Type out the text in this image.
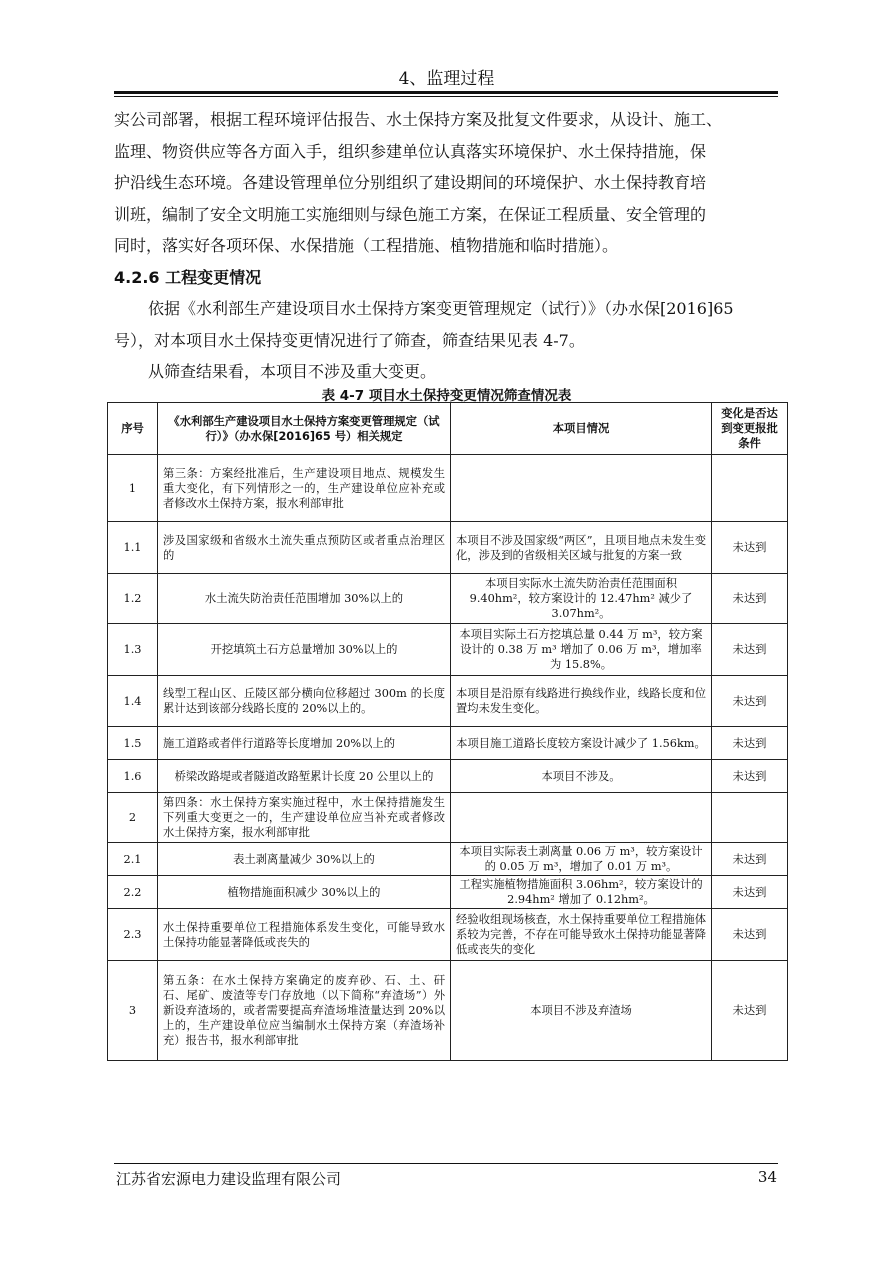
4、监理过程

实公司部署，根据工程环境评估报告、水土保持方案及批复文件要求，从设计、施工、

监理、物资供应等各方面入手，组织参建单位认真落实环境保护、水土保持措施，保

护沿线生态环境。各建设管理单位分别组织了建设期间的环境保护、水土保持教育培

训班，编制了安全文明施工实施细则与绿色施工方案，在保证工程质量、安全管理的

同时，落实好各项环保、水保措施（工程措施、植物措施和临时措施）。

4.2.6 工程变更情况

依据《水利部生产建设项目水土保持方案变更管理规定（试行）》（办水保[2016]65

号），对本项目水土保持变更情况进行了筛查，筛查结果见表 4-7。

从筛查结果看，本项目不涉及重大变更。

表 4-7 项目水土保持变更情况筛查情况表
序号	《水利部生产建设项目水土保持方案变更管理规定（试行）》（办水保[2016]65 号）相关规定	本项目情况	变化是否达到变更报批条件
1	第三条：方案经批准后，生产建设项目地点、规模发生重大变化，有下列情形之一的，生产建设单位应补充或者修改水土保持方案，报水利部审批		
1.1	涉及国家级和省级水土流失重点预防区或者重点治理区的	本项目不涉及国家级“两区”，且项目地点未发生变化，涉及到的省级相关区域与批复的方案一致	未达到
1.2	水土流失防治责任范围增加 30%以上的	本项目实际水土流失防治责任范围面积 9.40hm²，较方案设计的 12.47hm² 减少了 3.07hm²。	未达到
1.3	开挖填筑土石方总量增加 30%以上的	本项目实际土石方挖填总量 0.44 万 m³，较方案设计的 0.38 万 m³ 增加了 0.06 万 m³，增加率为 15.8%。	未达到
1.4	线型工程山区、丘陵区部分横向位移超过 300m 的长度累计达到该部分线路长度的 20%以上的。	本项目是沿原有线路进行换线作业，线路长度和位置均未发生变化。	未达到
1.5	施工道路或者伴行道路等长度增加 20%以上的	本项目施工道路长度较方案设计减少了 1.56km。	未达到
1.6	桥梁改路堤或者隧道改路堑累计长度 20 公里以上的	本项目不涉及。	未达到
2	第四条：水土保持方案实施过程中，水土保持措施发生下列重大变更之一的，生产建设单位应当补充或者修改水土保持方案，报水利部审批		
2.1	表土剥离量减少 30%以上的	本项目实际表土剥离量 0.06 万 m³，较方案设计的 0.05 万 m³，增加了 0.01 万 m³。	未达到
2.2	植物措施面积减少 30%以上的	工程实施植物措施面积 3.06hm²，较方案设计的 2.94hm² 增加了 0.12hm²。	未达到
2.3	水土保持重要单位工程措施体系发生变化，可能导致水土保持功能显著降低或丧失的	经验收组现场核查，水土保持重要单位工程措施体系较为完善，不存在可能导致水土保持功能显著降低或丧失的变化	未达到
3	第五条：在水土保持方案确定的废弃砂、石、土、矸石、尾矿、废渣等专门存放地（以下简称“弃渣场”）外新设弃渣场的，或者需要提高弃渣场堆渣量达到 20%以上的，生产建设单位应当编制水土保持方案（弃渣场补充）报告书，报水利部审批	本项目不涉及弃渣场	未达到
江苏省宏源电力建设监理有限公司	34
